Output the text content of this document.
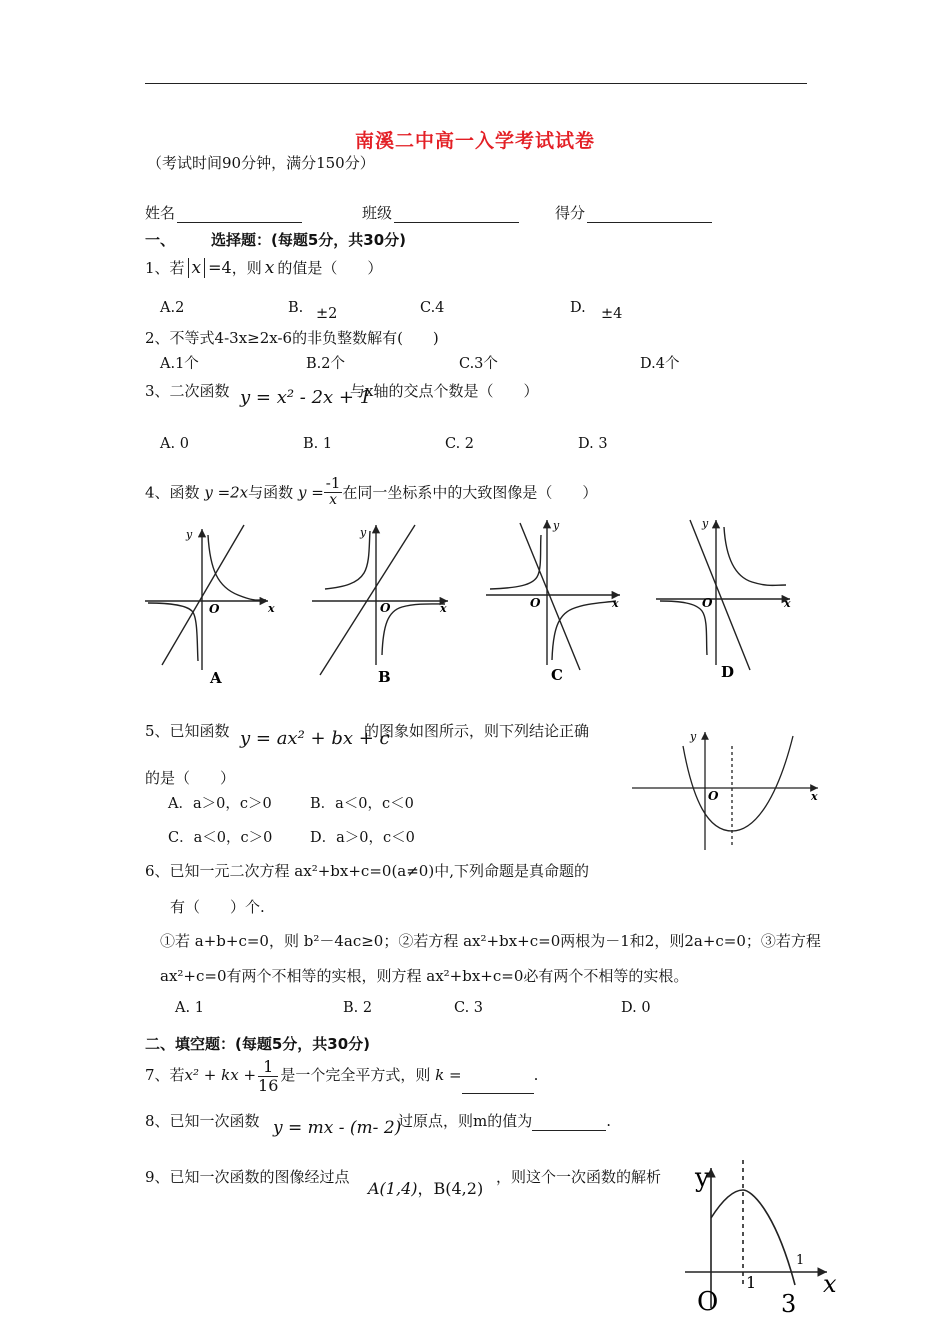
南溪二中高一入学考试试卷
（考试时间90分钟，满分150分）
姓名	班级	得分
一、 选择题：(每题5分，共30分)
1、若 x =4，则 x 的值是（　　）
A.2	B. ±2	C.4	D. ±4
2、不等式4-3x≥2x-6的非负整数解有(　　)
A.1个	B.2个	C.3个	D.4个
3、二次函数 y = x² - 2x + 1
与x轴的交点个数是（　　）
A. 0	B. 1	C. 2	D. 3
4、函数 y =2x与函数 $y = \frac{-1}{x}$ 在同一坐标系中的大致图像是（　　）
y
x
O
A
y
x
O
B
y
x
O
C
y
x
O
D
5、已知函数 y = ax² + bx + c
的图象如图所示，则下列结论正确
的是（　　）
A．a＞0，c＞0	B．a＜0，c＜0
C．a＜0，c＞0	D．a＞0，c＜0
y
x
O
6、已知一元二次方程 ax²+bx+c=0(a≠0)中,下列命题是真命题的
有（　　）个.
①若 a+b+c=0，则 b²－4ac≥0；②若方程 ax²+bx+c=0两根为－1和2，则2a+c=0；③若方程
ax²+c=0有两个不相等的实根，则方程 ax²+bx+c=0必有两个不相等的实根。
A. 1	B. 2	C. 3	D. 0
二、填空题：(每题5分，共30分)
7、若x² + kx + $\frac{1}{16}$ 是一个完全平方式，则 k =	.
8、已知一次函数 y = mx - (m- 2)
过原点，则m的值为	.
9、已知一次函数的图像经过点
A(1,4)，B(4,2)
，则这个一次函数的解析 y
x
O
1
3
1
